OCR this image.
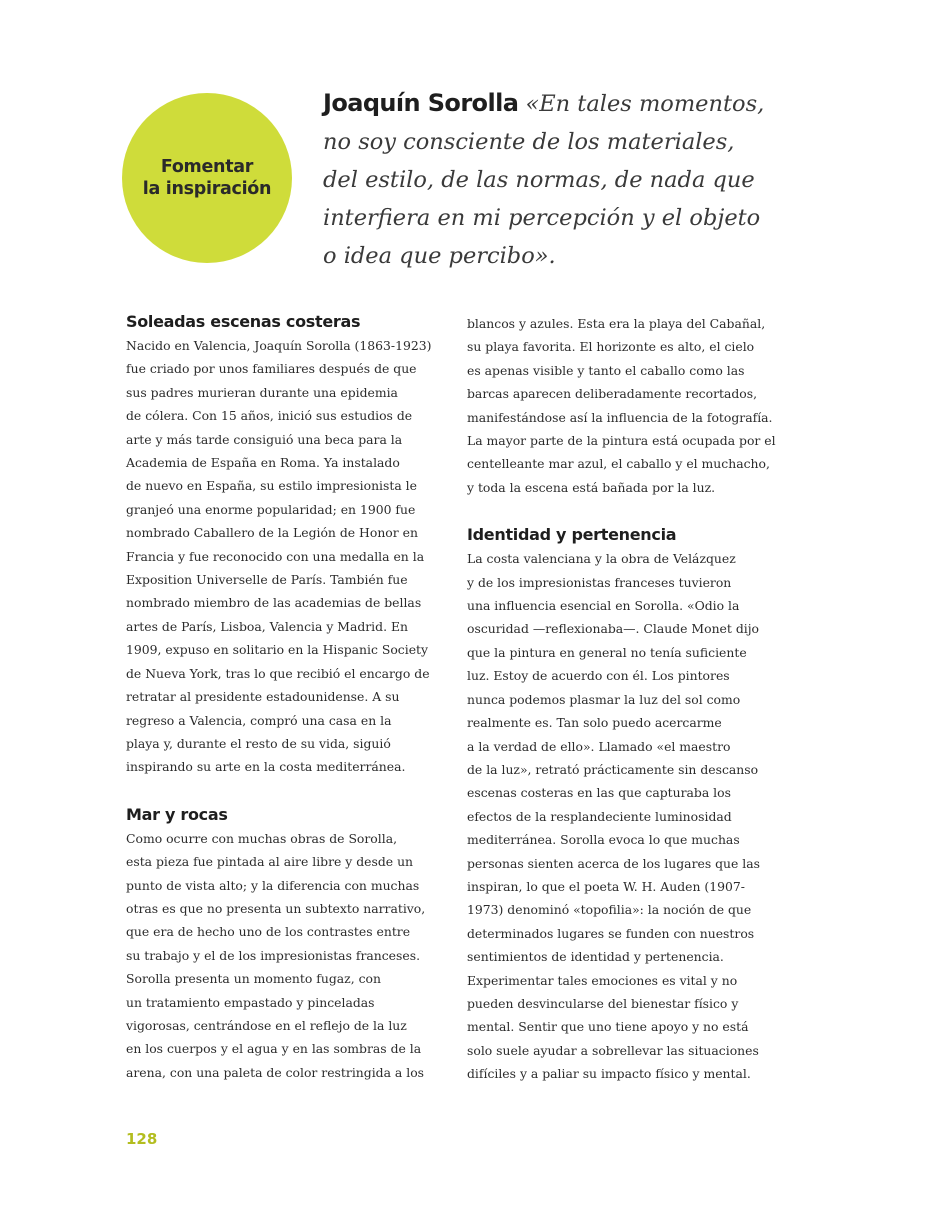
Fomentar
la inspiración

Joaquín Sorolla «En tales momentos,
no soy consciente de los materiales,
del estilo, de las normas, de nada que
interfiera en mi percepción y el objeto
o idea que percibo».

Soleadas escenas costeras

Nacido en Valencia, Joaquín Sorolla (1863-1923)
fue criado por unos familiares después de que
sus padres murieran durante una epidemia
de cólera. Con 15 años, inició sus estudios de
arte y más tarde consiguió una beca para la
Academia de España en Roma. Ya instalado
de nuevo en España, su estilo impresionista le
granjeó una enorme popularidad; en 1900 fue
nombrado Caballero de la Legión de Honor en
Francia y fue reconocido con una medalla en la
Exposition Universelle de París. También fue
nombrado miembro de las academias de bellas
artes de París, Lisboa, Valencia y Madrid. En
1909, expuso en solitario en la Hispanic Society
de Nueva York, tras lo que recibió el encargo de
retratar al presidente estadounidense. A su
regreso a Valencia, compró una casa en la
playa y, durante el resto de su vida, siguió
inspirando su arte en la costa mediterránea.

Mar y rocas

Como ocurre con muchas obras de Sorolla,
esta pieza fue pintada al aire libre y desde un
punto de vista alto; y la diferencia con muchas
otras es que no presenta un subtexto narrativo,
que era de hecho uno de los contrastes entre
su trabajo y el de los impresionistas franceses.
Sorolla presenta un momento fugaz, con
un tratamiento empastado y pinceladas
vigorosas, centrándose en el reflejo de la luz
en los cuerpos y el agua y en las sombras de la
arena, con una paleta de color restringida a los

blancos y azules. Esta era la playa del Cabañal,
su playa favorita. El horizonte es alto, el cielo
es apenas visible y tanto el caballo como las
barcas aparecen deliberadamente recortados,
manifestándose así la influencia de la fotografía.
La mayor parte de la pintura está ocupada por el
centelleante mar azul, el caballo y el muchacho,
y toda la escena está bañada por la luz.

Identidad y pertenencia

La costa valenciana y la obra de Velázquez
y de los impresionistas franceses tuvieron
una influencia esencial en Sorolla. «Odio la
oscuridad —reflexionaba—. Claude Monet dijo
que la pintura en general no tenía suficiente
luz. Estoy de acuerdo con él. Los pintores
nunca podemos plasmar la luz del sol como
realmente es. Tan solo puedo acercarme
a la verdad de ello». Llamado «el maestro
de la luz», retrató prácticamente sin descanso
escenas costeras en las que capturaba los
efectos de la resplandeciente luminosidad
mediterránea. Sorolla evoca lo que muchas
personas sienten acerca de los lugares que las
inspiran, lo que el poeta W. H. Auden (1907-
1973) denominó «topofilia»: la noción de que
determinados lugares se funden con nuestros
sentimientos de identidad y pertenencia.
Experimentar tales emociones es vital y no
pueden desvincularse del bienestar físico y
mental. Sentir que uno tiene apoyo y no está
solo suele ayudar a sobrellevar las situaciones
difíciles y a paliar su impacto físico y mental.

128
